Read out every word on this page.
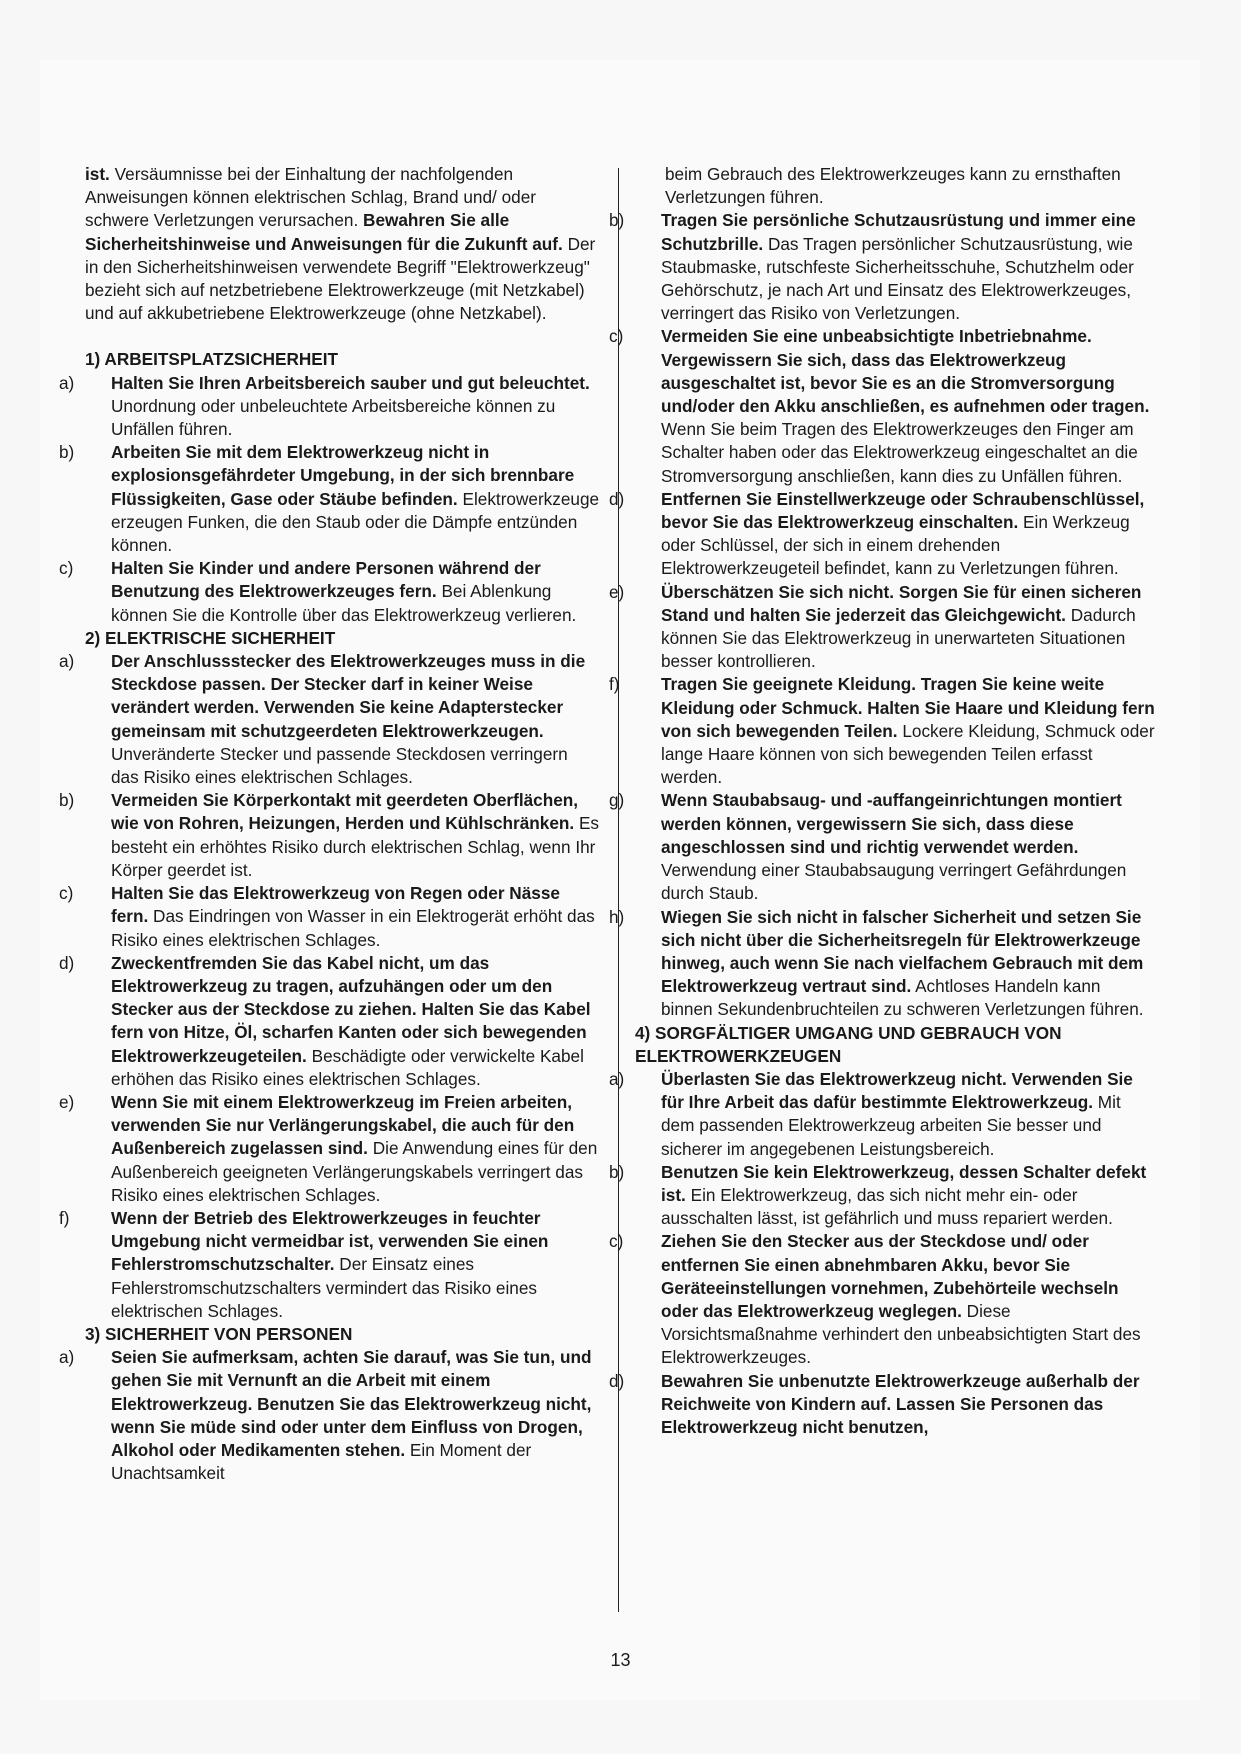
ist. Versäumnisse bei der Einhaltung der nachfolgenden Anweisungen können elektrischen Schlag, Brand und/ oder schwere Verletzungen verursachen. Bewahren Sie alle Sicherheitshinweise und Anweisungen für die Zukunft auf. Der in den Sicherheitshinweisen verwendete Begriff "Elektrowerkzeug" bezieht sich auf netzbetriebene Elektrowerkzeuge (mit Netzkabel) und auf akkubetriebene Elektrowerkzeuge (ohne Netzkabel).

1) ARBEITSPLATZSICHERHEIT

a) Halten Sie Ihren Arbeitsbereich sauber und gut beleuchtet. Unordnung oder unbeleuchtete Arbeitsbereiche können zu Unfällen führen.

b) Arbeiten Sie mit dem Elektrowerkzeug nicht in explosionsgefährdeter Umgebung, in der sich brennbare Flüssigkeiten, Gase oder Stäube befinden. Elektrowerkzeuge erzeugen Funken, die den Staub oder die Dämpfe entzünden können.

c) Halten Sie Kinder und andere Personen während der Benutzung des Elektrowerkzeuges fern. Bei Ablenkung können Sie die Kontrolle über das Elektrowerkzeug verlieren.

2) ELEKTRISCHE SICHERHEIT

a) Der Anschlussstecker des Elektrowerkzeuges muss in die Steckdose passen. Der Stecker darf in keiner Weise verändert werden. Verwenden Sie keine Adapterstecker gemeinsam mit schutzgeerdeten Elektrowerkzeugen. Unveränderte Stecker und passende Steckdosen verringern das Risiko eines elektrischen Schlages.

b) Vermeiden Sie Körperkontakt mit geerdeten Oberflächen, wie von Rohren, Heizungen, Herden und Kühlschränken. Es besteht ein erhöhtes Risiko durch elektrischen Schlag, wenn Ihr Körper geerdet ist.

c) Halten Sie das Elektrowerkzeug von Regen oder Nässe fern. Das Eindringen von Wasser in ein Elektrogerät erhöht das Risiko eines elektrischen Schlages.

d) Zweckentfremden Sie das Kabel nicht, um das Elektrowerkzeug zu tragen, aufzuhängen oder um den Stecker aus der Steckdose zu ziehen. Halten Sie das Kabel fern von Hitze, Öl, scharfen Kanten oder sich bewegenden Elektrowerkzeugeteilen. Beschädigte oder verwickelte Kabel erhöhen das Risiko eines elektrischen Schlages.

e) Wenn Sie mit einem Elektrowerkzeug im Freien arbeiten, verwenden Sie nur Verlängerungskabel, die auch für den Außenbereich zugelassen sind. Die Anwendung eines für den Außenbereich geeigneten Verlängerungskabels verringert das Risiko eines elektrischen Schlages.

f) Wenn der Betrieb des Elektrowerkzeuges in feuchter Umgebung nicht vermeidbar ist, verwenden Sie einen Fehlerstromschutzschalter. Der Einsatz eines Fehlerstromschutzschalters vermindert das Risiko eines elektrischen Schlages.

3) SICHERHEIT VON PERSONEN

a) Seien Sie aufmerksam, achten Sie darauf, was Sie tun, und gehen Sie mit Vernunft an die Arbeit mit einem Elektrowerkzeug. Benutzen Sie das Elektrowerkzeug nicht, wenn Sie müde sind oder unter dem Einfluss von Drogen, Alkohol oder Medikamenten stehen. Ein Moment der Unachtsamkeit

beim Gebrauch des Elektrowerkzeuges kann zu ernsthaften Verletzungen führen.

b) Tragen Sie persönliche Schutzausrüstung und immer eine Schutzbrille. Das Tragen persönlicher Schutzausrüstung, wie Staubmaske, rutschfeste Sicherheitsschuhe, Schutzhelm oder Gehörschutz, je nach Art und Einsatz des Elektrowerkzeuges, verringert das Risiko von Verletzungen.

c) Vermeiden Sie eine unbeabsichtigte Inbetriebnahme. Vergewissern Sie sich, dass das Elektrowerkzeug ausgeschaltet ist, bevor Sie es an die Stromversorgung und/oder den Akku anschließen, es aufnehmen oder tragen. Wenn Sie beim Tragen des Elektrowerkzeuges den Finger am Schalter haben oder das Elektrowerkzeug eingeschaltet an die Stromversorgung anschließen, kann dies zu Unfällen führen.

d) Entfernen Sie Einstellwerkzeuge oder Schraubenschlüssel, bevor Sie das Elektrowerkzeug einschalten. Ein Werkzeug oder Schlüssel, der sich in einem drehenden Elektrowerkzeugeteil befindet, kann zu Verletzungen führen.

e) Überschätzen Sie sich nicht. Sorgen Sie für einen sicheren Stand und halten Sie jederzeit das Gleichgewicht. Dadurch können Sie das Elektrowerkzeug in unerwarteten Situationen besser kontrollieren.

f) Tragen Sie geeignete Kleidung. Tragen Sie keine weite Kleidung oder Schmuck. Halten Sie Haare und Kleidung fern von sich bewegenden Teilen. Lockere Kleidung, Schmuck oder lange Haare können von sich bewegenden Teilen erfasst werden.

g) Wenn Staubabsaug- und -auffangeinrichtungen montiert werden können, vergewissern Sie sich, dass diese angeschlossen sind und richtig verwendet werden. Verwendung einer Staubabsaugung verringert Gefährdungen durch Staub.

h) Wiegen Sie sich nicht in falscher Sicherheit und setzen Sie sich nicht über die Sicherheitsregeln für Elektrowerkzeuge hinweg, auch wenn Sie nach vielfachem Gebrauch mit dem Elektrowerkzeug vertraut sind. Achtloses Handeln kann binnen Sekundenbruchteilen zu schweren Verletzungen führen.

4) SORGFÄLTIGER UMGANG UND GEBRAUCH VON ELEKTROWERKZEUGEN

a) Überlasten Sie das Elektrowerkzeug nicht. Verwenden Sie für Ihre Arbeit das dafür bestimmte Elektrowerkzeug. Mit dem passenden Elektrowerkzeug arbeiten Sie besser und sicherer im angegebenen Leistungsbereich.

b) Benutzen Sie kein Elektrowerkzeug, dessen Schalter defekt ist. Ein Elektrowerkzeug, das sich nicht mehr ein- oder ausschalten lässt, ist gefährlich und muss repariert werden.

c) Ziehen Sie den Stecker aus der Steckdose und/ oder entfernen Sie einen abnehmbaren Akku, bevor Sie Geräteeinstellungen vornehmen, Zubehörteile wechseln oder das Elektrowerkzeug weglegen. Diese Vorsichtsmaßnahme verhindert den unbeabsichtigten Start des Elektrowerkzeuges.

d) Bewahren Sie unbenutzte Elektrowerkzeuge außerhalb der Reichweite von Kindern auf. Lassen Sie Personen das Elektrowerkzeug nicht benutzen,

13
